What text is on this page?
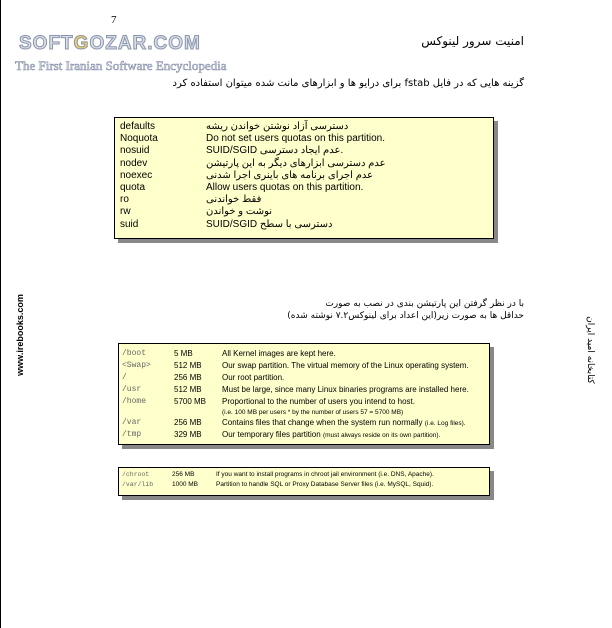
SOFTGOZAR.COM
The First Iranian Software Encyclopedia
7
امنیت سرور لینوکس
گزینه هایی که در فایل fstab برای درایو ها و ابزارهای مانت شده میتوان استفاده کرد
defaults	دسترسی آزاد نوشتن خواندن ریشه
Noquota	Do not set users quotas on this partition.
nosuid	SUID/SGID عدم ایجاد دسترسی.
nodev	عدم دسترسی ابزارهای دیگر به این پارتیشن
noexec	عدم اجرای برنامه های باینری اجرا شدنی
quota	Allow users quotas on this partition.
ro	فقط خواندنی
rw	نوشت و خواندن
suid	SUID/SGID دسترسی با سطح
با در نظر گرفتن این پارتیشن بندی در نصب به صورت
حداقل ها به صورت زیر(این اعداد برای لینوکس۷.۲ نوشته شده)
/boot	5 MB	All Kernel images are kept here.
<Swap>	512 MB	Our swap partition. The virtual memory of the Linux operating system.
/	256 MB	Our root partition.
/usr	512 MB	Must be large, since many Linux binaries programs are installed here.
/home	5700 MB	Proportional to the number of users you intend to host.
(i.e. 100 MB per users * by the number of users 57 = 5700 MB)
/var	256 MB	Contains files that change when the system run normally (i.e. Log files).
/tmp	329 MB	Our temporary files partition (must always reside on its own partition).
/chroot	256 MB	If you want to install programs in chroot jail environment (i.e. DNS, Apache).
/var/lib	1000 MB	Partition to handle SQL or Proxy Database Server files (i.e. MySQL, Squid).
www.irebooks.com	کتابخانه امید ایران
